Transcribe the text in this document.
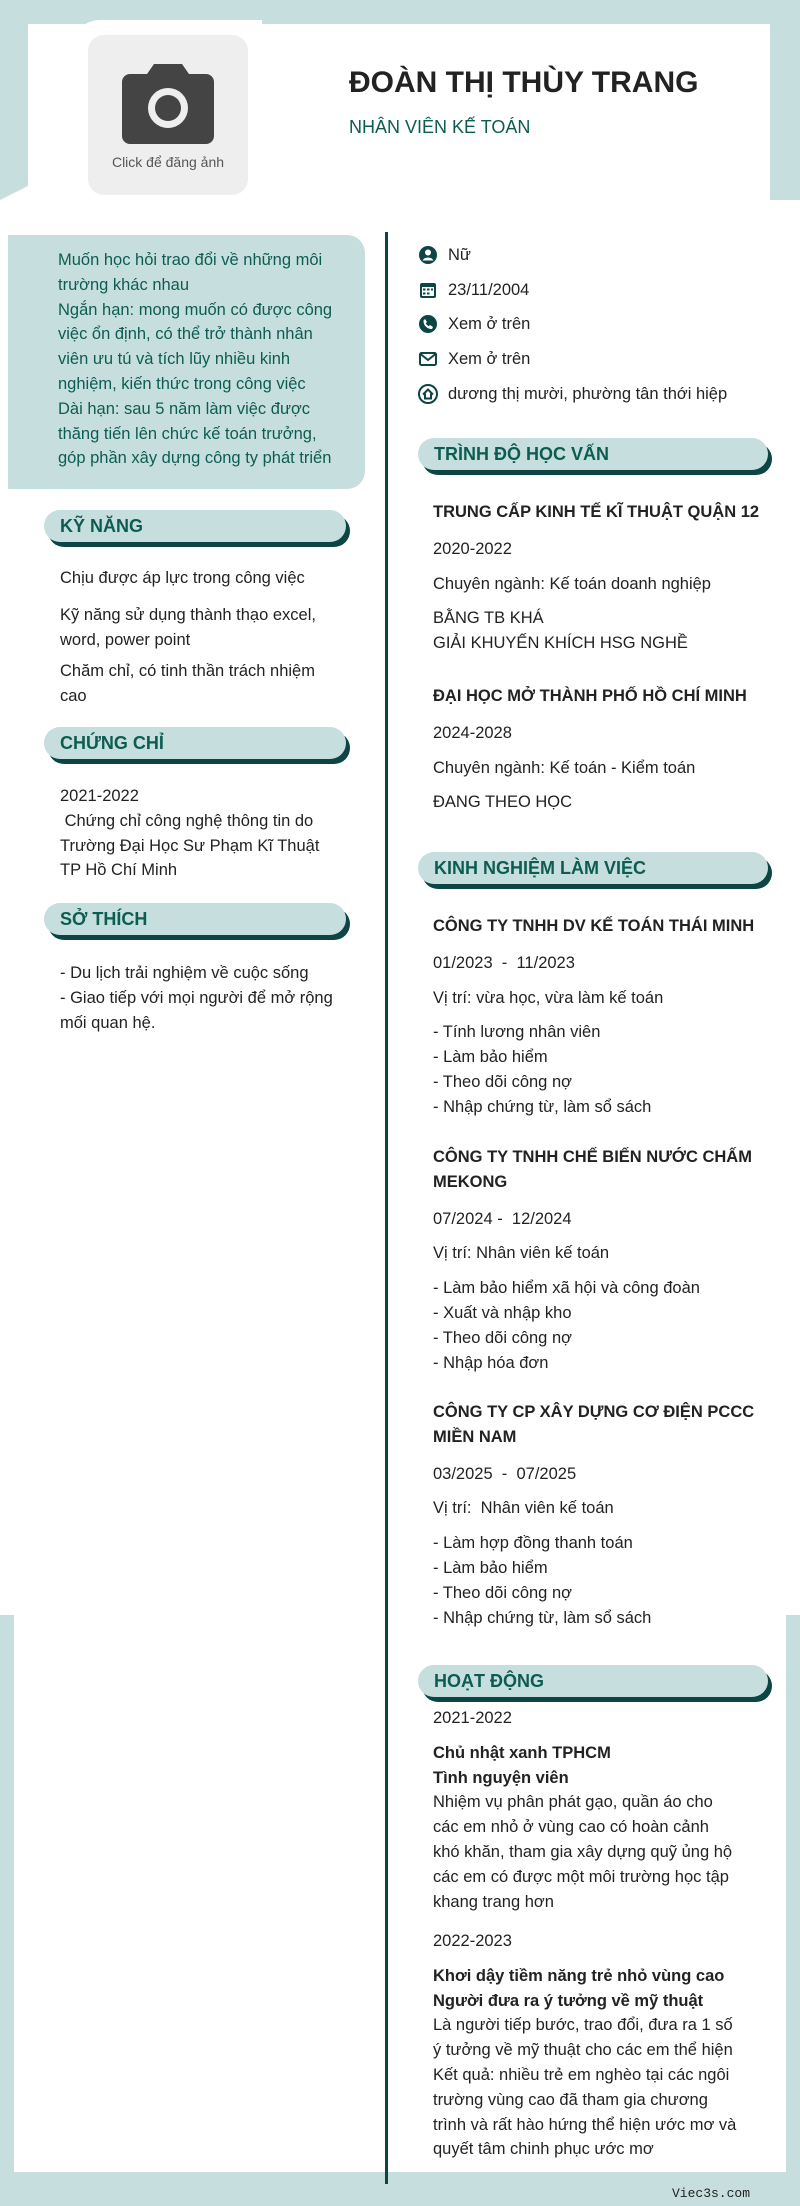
Click để đăng ảnh
ĐOÀN THỊ THÙY TRANG
NHÂN VIÊN KẾ TOÁN
Muốn học hỏi trao đổi về những môi
trường khác nhau
Ngắn hạn: mong muốn có được công
việc ổn định, có thể trở thành nhân
viên ưu tú và tích lũy nhiều kinh
nghiệm, kiến thức trong công việc
Dài hạn: sau 5 năm làm việc được
thăng tiến lên chức kế toán trưởng,
góp phần xây dựng công ty phát triển
Nữ
23/11/2004
Xem ở trên
Xem ở trên
dương thị mười, phường tân thới hiệp
KỸ NĂNG
Chịu được áp lực trong công việc
Kỹ năng sử dụng thành thạo excel,
word, power point
Chăm chỉ, có tinh thần trách nhiệm
cao
CHỨNG CHỈ
2021-2022
Chứng chỉ công nghệ thông tin do
Trường Đại Học Sư Phạm Kĩ Thuật
TP Hồ Chí Minh
SỞ THÍCH
- Du lịch trải nghiệm về cuộc sống
- Giao tiếp với mọi người để mở rộng
mối quan hệ.
TRÌNH ĐỘ HỌC VẤN
TRUNG CẤP KINH TẾ KĨ THUẬT QUẬN 12
2020-2022
Chuyên ngành: Kế toán doanh nghiệp
BẰNG TB KHÁ
GIẢI KHUYẾN KHÍCH HSG NGHỀ
ĐẠI HỌC MỞ THÀNH PHỐ HỒ CHÍ MINH
2024-2028
Chuyên ngành: Kế toán - Kiểm toán
ĐANG THEO HỌC
KINH NGHIỆM LÀM VIỆC
CÔNG TY TNHH DV KẾ TOÁN THÁI MINH
01/2023  -  11/2023
Vị trí: vừa học, vừa làm kế toán
- Tính lương nhân viên
- Làm bảo hiểm
- Theo dõi công nợ
- Nhập chứng từ, làm sổ sách
CÔNG TY TNHH CHẾ BIẾN NƯỚC CHẤM
MEKONG
07/2024 -  12/2024
Vị trí: Nhân viên kế toán
- Làm bảo hiểm xã hội và công đoàn
- Xuất và nhập kho
- Theo dõi công nợ
- Nhập hóa đơn
CÔNG TY CP XÂY DỰNG CƠ ĐIỆN PCCC
MIỀN NAM
03/2025  -  07/2025
Vị trí:  Nhân viên kế toán
- Làm hợp đồng thanh toán
- Làm bảo hiểm
- Theo dõi công nợ
- Nhập chứng từ, làm sổ sách
HOẠT ĐỘNG
2021-2022
Chủ nhật xanh TPHCM
Tình nguyện viên
Nhiệm vụ phân phát gạo, quần áo cho
các em nhỏ ở vùng cao có hoàn cảnh
khó khăn, tham gia xây dựng quỹ ủng hộ
các em có được một môi trường học tập
khang trang hơn
2022-2023
Khơi dậy tiềm năng trẻ nhỏ vùng cao
Người đưa ra ý tưởng về mỹ thuật
Là người tiếp bước, trao đổi, đưa ra 1 số
ý tưởng về mỹ thuật cho các em thể hiện
Kết quả: nhiều trẻ em nghèo tại các ngôi
trường vùng cao đã tham gia chương
trình và rất hào hứng thể hiện ước mơ và
quyết tâm chinh phục ước mơ
Viec3s.com
